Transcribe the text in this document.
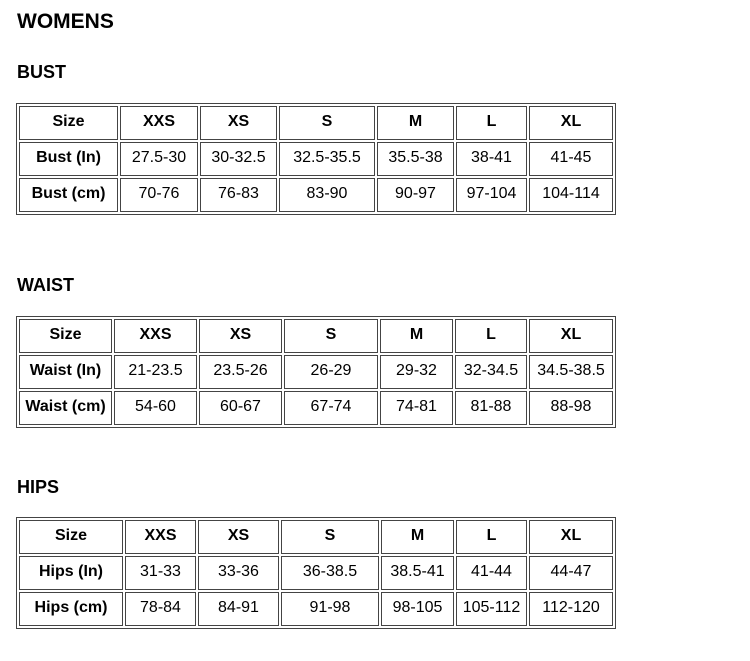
WOMENS
BUST
Size	XXS	XS	S	M	L	XL
Bust (In)	27.5-30	30-32.5	32.5-35.5	35.5-38	38-41	41-45
Bust (cm)	70-76	76-83	83-90	90-97	97-104	104-114
WAIST
Size	XXS	XS	S	M	L	XL
Waist (In)	21-23.5	23.5-26	26-29	29-32	32-34.5	34.5-38.5
Waist (cm)	54-60	60-67	67-74	74-81	81-88	88-98
HIPS
Size	XXS	XS	S	M	L	XL
Hips (In)	31-33	33-36	36-38.5	38.5-41	41-44	44-47
Hips (cm)	78-84	84-91	91-98	98-105	105-112	112-120
